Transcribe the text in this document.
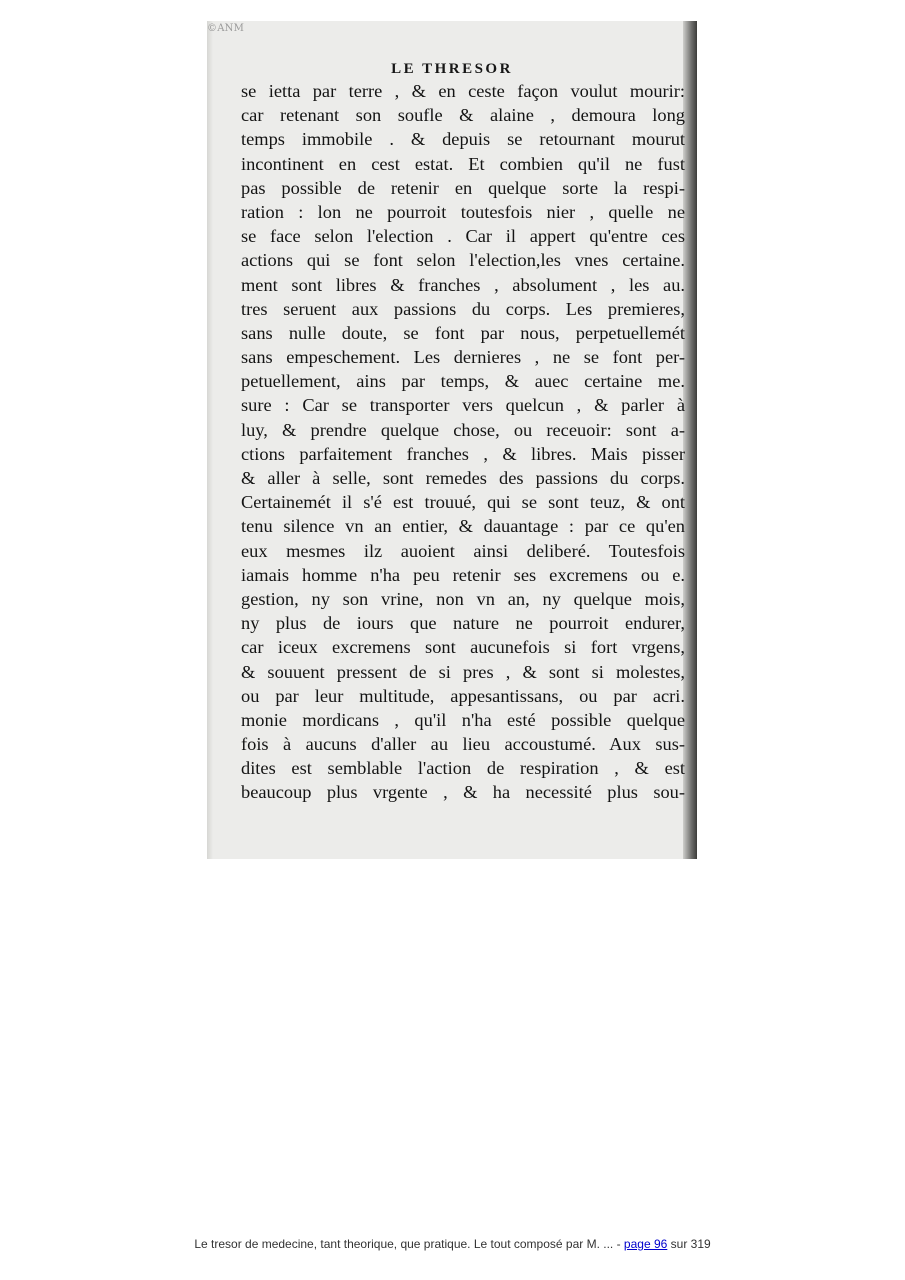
©ANM
LE THRESOR
se ietta par terre , & en ceste façon voulut mourir:
car retenant son soufle & alaine , demoura long
temps immobile . & depuis se retournant mourut
incontinent en cest estat. Et combien qu'il ne fust
pas possible de retenir en quelque sorte la respi-
ration : lon ne pourroit toutesfois nier , quelle ne
se face selon l'election . Car il appert qu'entre ces
actions qui se font selon l'election,les vnes certaine.
ment sont libres & franches , absolument , les au.
tres seruent aux passions du corps. Les premieres,
sans nulle doute, se font par nous, perpetuellemét
sans empeschement. Les dernieres , ne se font per-
petuellement, ains par temps, & auec certaine me.
sure : Car se transporter vers quelcun , & parler à
luy, & prendre quelque chose, ou receuoir: sont a-
ctions parfaitement franches , & libres. Mais pisser
& aller à selle, sont remedes des passions du corps.
Certainemét il s'é est trouué, qui se sont teuz, & ont
tenu silence vn an entier, & dauantage : par ce qu'en
eux mesmes ilz auoient ainsi deliberé. Toutesfois
iamais homme n'ha peu retenir ses excremens ou e.
gestion, ny son vrine, non vn an, ny quelque mois,
ny plus de iours que nature ne pourroit endurer,
car iceux excremens sont aucunefois si fort vrgens,
& souuent pressent de si pres , & sont si molestes,
ou par leur multitude, appesantissans, ou par acri.
monie mordicans , qu'il n'ha esté possible quelque
fois à aucuns d'aller au lieu accoustumé. Aux sus-
dites est semblable l'action de respiration , & est
beaucoup plus vrgente , & ha necessité plus sou-
Le tresor de medecine, tant theorique, que pratique. Le tout composé par M. ... - page 96 sur 319
